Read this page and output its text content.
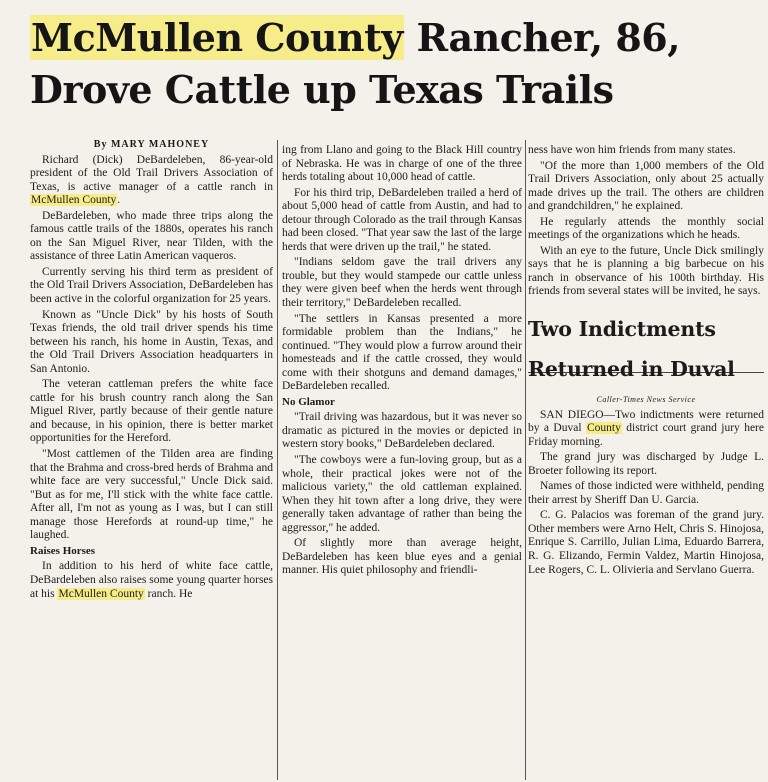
McMullen County Rancher, 86,
Drove Cattle up Texas Trails

By MARY MAHONEY

Richard (Dick) DeBardeleben, 86-year-old president of the Old Trail Drivers Association of Texas, is active manager of a cattle ranch in McMullen County.

DeBardeleben, who made three trips along the famous cattle trails of the 1880s, operates his ranch on the San Miguel River, near Tilden, with the assistance of three Latin American vaqueros.

Currently serving his third term as president of the Old Trail Drivers Association, DeBardeleben has been active in the colorful organization for 25 years.

Known as "Uncle Dick" by his hosts of South Texas friends, the old trail driver spends his time between his ranch, his home in Austin, Texas, and the Old Trail Drivers Association headquarters in San Antonio.

The veteran cattleman prefers the white face cattle for his brush country ranch along the San Miguel River, partly because of their gentle nature and because, in his opinion, there is better market opportunities for the Hereford.

"Most cattlemen of the Tilden area are finding that the Brahma and cross-bred herds of Brahma and white face are very successful," Uncle Dick said. "But as for me, I'll stick with the white face cattle. After all, I'm not as young as I was, but I can still manage those Herefords at round-up time," he laughed.

Raises Horses

In addition to his herd of white face cattle, DeBardeleben also raises some young quarter horses at his McMullen County ranch. He

ing from Llano and going to the Black Hill country of Nebraska. He was in charge of one of the three herds totaling about 10,000 head of cattle.

For his third trip, DeBardeleben trailed a herd of about 5,000 head of cattle from Austin, and had to detour through Colorado as the trail through Kansas had been closed. "That year saw the last of the large herds that were driven up the trail," he stated.

"Indians seldom gave the trail drivers any trouble, but they would stampede our cattle unless they were given beef when the herds went through their territory," DeBardeleben recalled.

"The settlers in Kansas presented a more formidable problem than the Indians," he continued. "They would plow a furrow around their homesteads and if the cattle crossed, they would come with their shotguns and demand damages," DeBardeleben recalled.

No Glamor

"Trail driving was hazardous, but it was never so dramatic as pictured in the movies or depicted in western story books," DeBardeleben declared.

"The cowboys were a fun-loving group, but as a whole, their practical jokes were not of the malicious variety," the old cattleman explained. When they hit town after a long drive, they were generally taken advantage of rather than being the aggressor," he added.

Of slightly more than average height, DeBardeleben has keen blue eyes and a genial manner. His quiet philosophy and friendli-

ness have won him friends from many states.

"Of the more than 1,000 members of the Old Trail Drivers Association, only about 25 actually made drives up the trail. The others are children and grandchildren," he explained.

He regularly attends the monthly social meetings of the organizations which he heads.

With an eye to the future, Uncle Dick smilingly says that he is planning a big barbecue on his ranch in observance of his 100th birthday. His friends from several states will be invited, he says.

Two Indictments

Returned in Duval

Caller-Times News Service

SAN DIEGO—Two indictments were returned by a Duval County district court grand jury here Friday morning.

The grand jury was discharged by Judge L. Broeter following its report.

Names of those indicted were withheld, pending their arrest by Sheriff Dan U. Garcia.

C. G. Palacios was foreman of the grand jury. Other members were Arno Helt, Chris S. Hinojosa, Enrique S. Carrillo, Julian Lima, Eduardo Barrera, R. G. Elizando, Fermin Valdez, Martin Hinojosa, Lee Rogers, C. L. Olivieria and Servlano Guerra.
